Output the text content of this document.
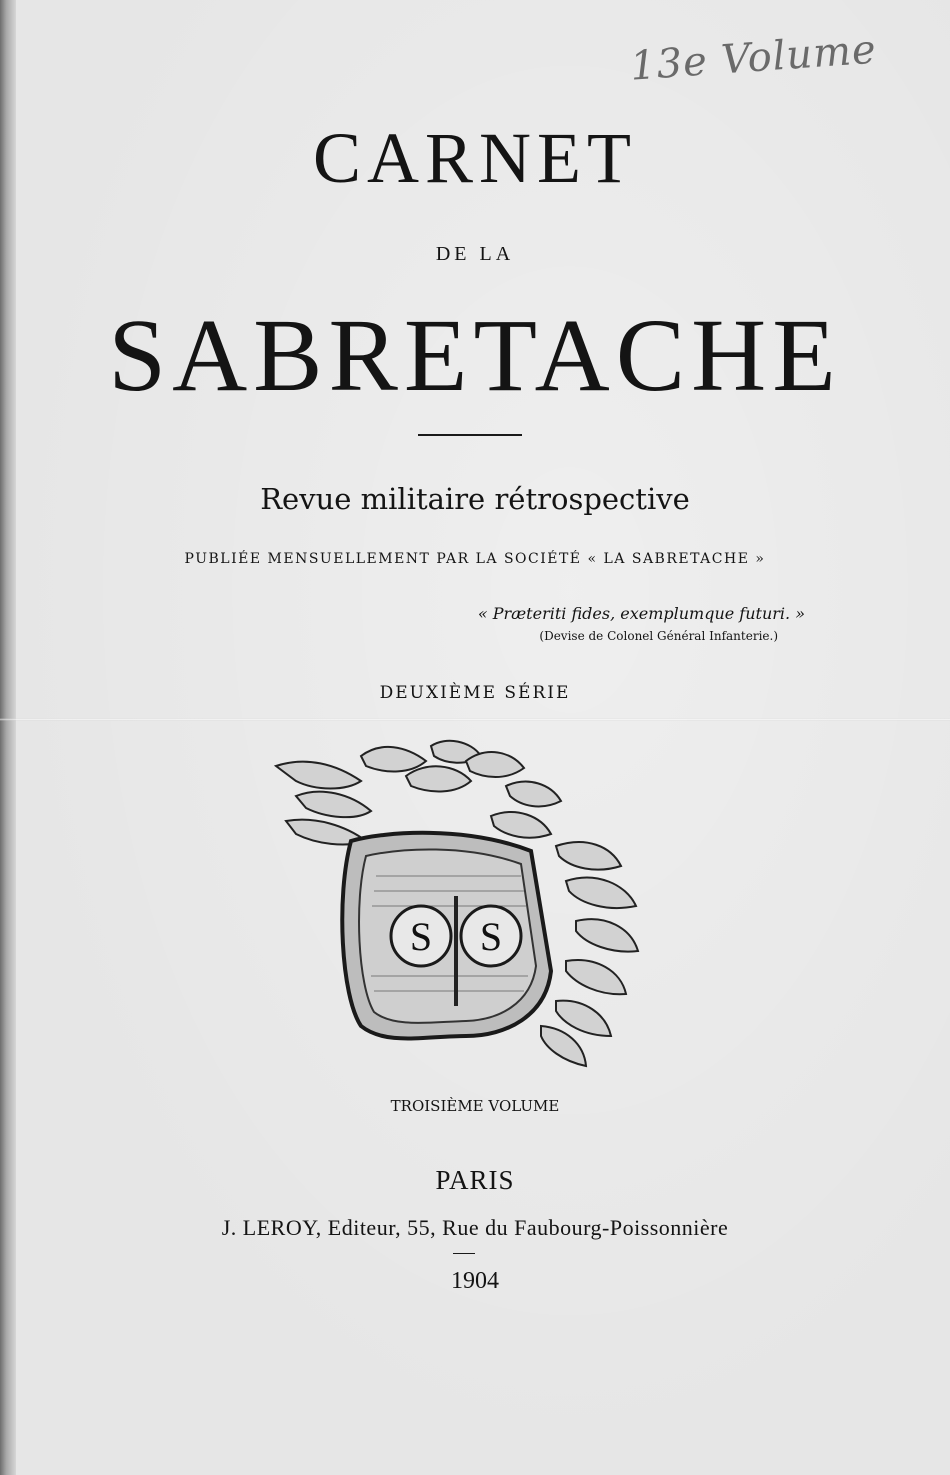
13e Volume
CARNET
DE LA
SABRETACHE
Revue militaire rétrospective
PUBLIÉE MENSUELLEMENT PAR LA SOCIÉTÉ « LA SABRETACHE »
« Præteriti fides, exemplumque futuri. »
(Devise de Colonel Général Infanterie.)
DEUXIÈME SÉRIE
S S
TROISIÈME VOLUME
PARIS
J. LEROY, Editeur, 55, Rue du Faubourg-Poissonnière
1904
